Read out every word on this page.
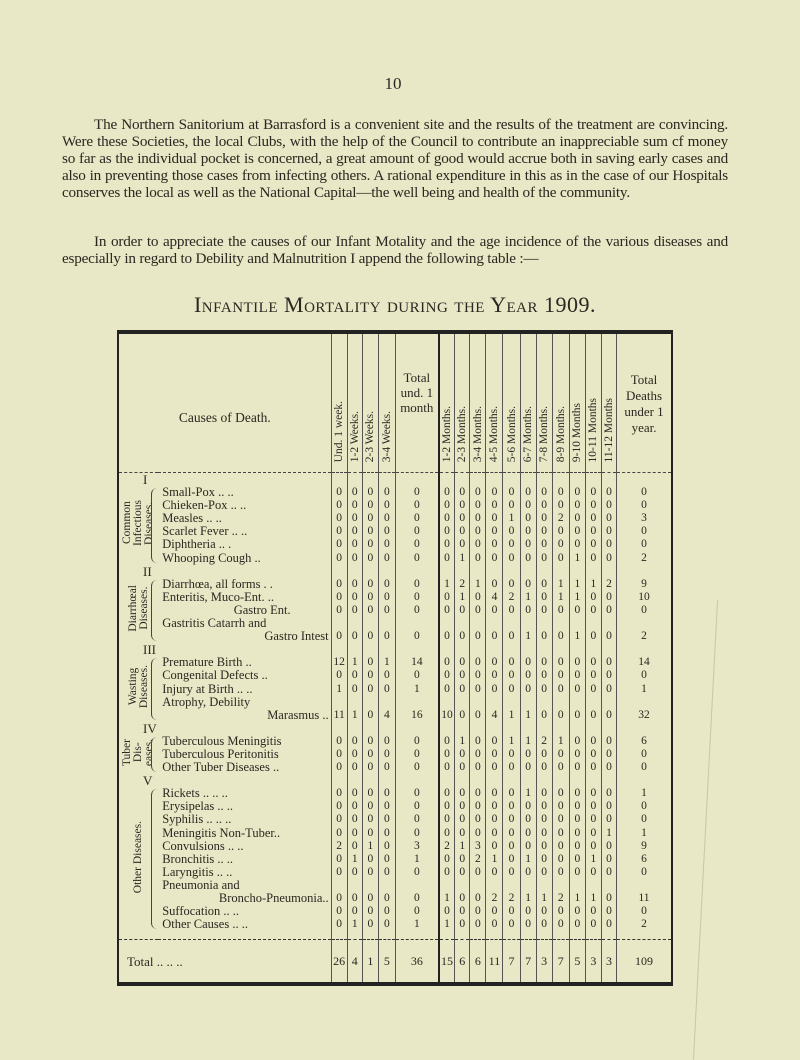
10

The Northern Sanitorium at Barrasford is a convenient site and the results of the treatment are convincing. Were these Societies, the local Clubs, with the help of the Council to contribute an inappreciable sum cf money so far as the individual pocket is concerned, a great amount of good would accrue both in saving early cases and also in preventing those cases from infecting others. A rational expenditure in this as in the case of our Hospitals conserves the local as well as the National Capital—the well being and health of the community.

In order to appreciate the causes of our Infant Motality and the age incidence of the various diseases and especially in regard to Debility and Malnutrition I append the following table :—

Infantile Mortality during the Year 1909.
Causes of Death.		Und. 1 week.	1-2 Weeks.	2-3 Weeks.	3-4 Weeks.	Total und. 1 month	1-2 Months.	2-3 Months.	3-4 Months.	4-5 Months.	5-6 Months.	6-7 Months.	7-8 Months.	8-9 Months.	9-10 Months	10-11 Months	11-12 Months	Total Deaths under 1 year.
I																		
Common
Infectious
Diseases.	Small-Pox .. ..	0	0	0	0	0	0	0	0	0	0	0	0	0	0	0	0	0
	Chieken-Pox .. ..	0	0	0	0	0	0	0	0	0	0	0	0	0	0	0	0	0
	Measles .. ..	0	0	0	0	0	0	0	0	0	1	0	0	2	0	0	0	3
	Scarlet Fever .. ..	0	0	0	0	0	0	0	0	0	0	0	0	0	0	0	0	0
	Diphtheria .. .	0	0	0	0	0	0	0	0	0	0	0	0	0	0	0	0	0
	Whooping Cough ..	0	0	0	0	0	0	1	0	0	0	0	0	0	1	0	0	2
II																		
Diarrhœal
Diseases.	Diarrhœa, all forms . .	0	0	0	0	0	1	2	1	0	0	0	0	1	1	1	2	9
	Enteritis, Muco-Ent. ..	0	0	0	0	0	0	1	0	4	2	1	0	1	1	0	0	10
	Gastro Ent.	0	0	0	0	0	0	0	0	0	0	0	0	0	0	0	0	0
	Gastritis Catarrh and
Gastro Intest	0	0	0	0	0	0	0	0	0	0	1	0	0	1	0	0	2
III																		
Wasting
Diseases.	Premature Birth ..	12	1	0	1	14	0	0	0	0	0	0	0	0	0	0	0	14
	Congenital Defects ..	0	0	0	0	0	0	0	0	0	0	0	0	0	0	0	0	0
	Injury at Birth .. ..	1	0	0	0	1	0	0	0	0	0	0	0	0	0	0	0	1
	Atrophy, Debility
Marasmus ..	11	1	0	4	16	10	0	0	4	1	1	0	0	0	0	0	32
IV																		
Tuber
Dis-
eases.	Tuberculous Meningitis	0	0	0	0	0	0	1	0	0	1	1	2	1	0	0	0	6
	Tuberculous Peritonitis	0	0	0	0	0	0	0	0	0	0	0	0	0	0	0	0	0
	Other Tuber Diseases ..	0	0	0	0	0	0	0	0	0	0	0	0	0	0	0	0	0
V																		
Other Diseases.	Rickets .. .. ..	0	0	0	0	0	0	0	0	0	0	1	0	0	0	0	0	1
	Erysipelas .. ..	0	0	0	0	0	0	0	0	0	0	0	0	0	0	0	0	0
	Syphilis .. .. ..	0	0	0	0	0	0	0	0	0	0	0	0	0	0	0	0	0
	Meningitis Non-Tuber..	0	0	0	0	0	0	0	0	0	0	0	0	0	0	0	1	1
	Convulsions .. ..	2	0	1	0	3	2	1	3	0	0	0	0	0	0	0	0	9
	Bronchitis .. ..	0	1	0	0	1	0	0	2	1	0	1	0	0	0	1	0	6
	Laryngitis .. ..	0	0	0	0	0	0	0	0	0	0	0	0	0	0	0	0	0
	Pneumonia and
Broncho-Pneumonia..	0	0	0	0	0	1	0	0	2	2	1	1	2	1	1	0	11
	Suffocation .. ..	0	0	0	0	0	0	0	0	0	0	0	0	0	0	0	0	0
	Other Causes .. ..	0	1	0	0	1	1	0	0	0	0	0	0	0	0	0	0	2

Total .. .. ..		26	4	1	5	36	15	6	6	11	7	7	3	7	5	3	3	109
